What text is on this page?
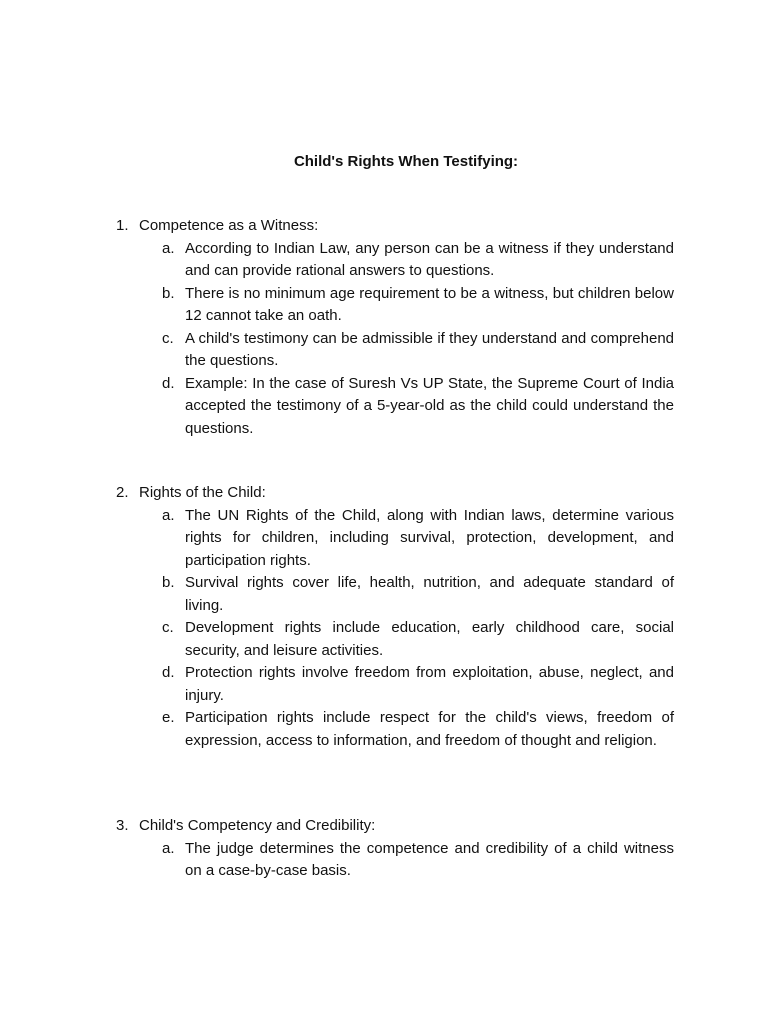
Child's Rights When Testifying:

1. Competence as a Witness:

a. According to Indian Law, any person can be a witness if they understand and can provide rational answers to questions.

b. There is no minimum age requirement to be a witness, but children below 12 cannot take an oath.

c. A child's testimony can be admissible if they understand and comprehend the questions.

d. Example: In the case of Suresh Vs UP State, the Supreme Court of India accepted the testimony of a 5-year-old as the child could understand the questions.

2. Rights of the Child:

a. The UN Rights of the Child, along with Indian laws, determine various rights for children, including survival, protection, development, and participation rights.

b. Survival rights cover life, health, nutrition, and adequate standard of living.

c. Development rights include education, early childhood care, social security, and leisure activities.

d. Protection rights involve freedom from exploitation, abuse, neglect, and injury.

e. Participation rights include respect for the child's views, freedom of expression, access to information, and freedom of thought and religion.

3. Child's Competency and Credibility:

a. The judge determines the competence and credibility of a child witness on a case-by-case basis.
